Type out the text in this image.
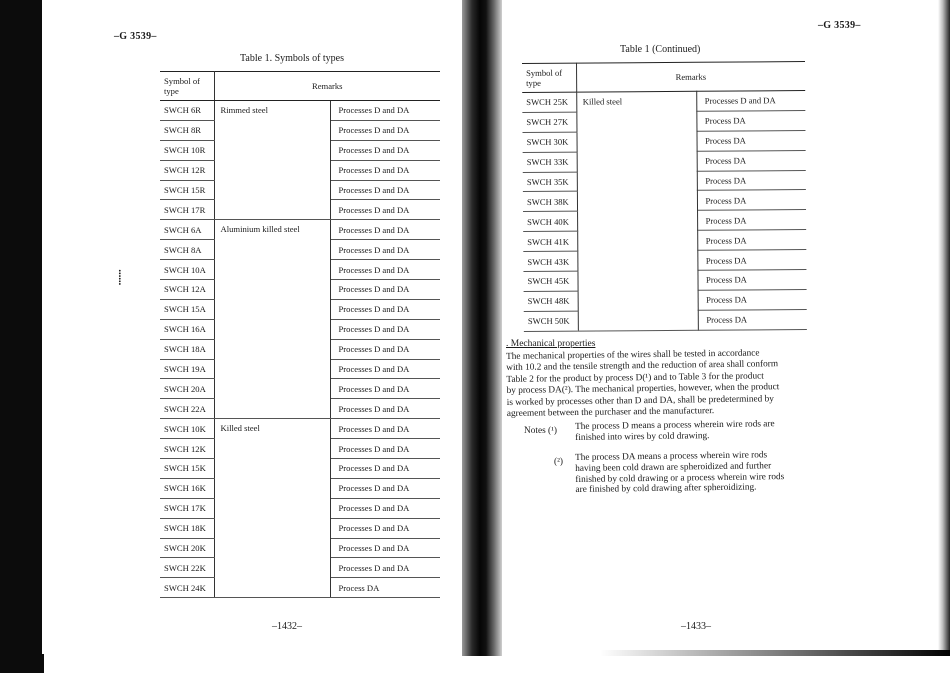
⸽
–G 3539–
Table 1. Symbols of types
Symbol of
type	Remarks	
SWCH 6R	Rimmed steel	Processes D and DA
SWCH 8R		Processes D and DA
SWCH 10R		Processes D and DA
SWCH 12R		Processes D and DA
SWCH 15R		Processes D and DA
SWCH 17R		Processes D and DA
SWCH 6A	Aluminium killed steel	Processes D and DA
SWCH 8A		Processes D and DA
SWCH 10A		Processes D and DA
SWCH 12A		Processes D and DA
SWCH 15A		Processes D and DA
SWCH 16A		Processes D and DA
SWCH 18A		Processes D and DA
SWCH 19A		Processes D and DA
SWCH 20A		Processes D and DA
SWCH 22A		Processes D and DA
SWCH 10K	Killed steel	Processes D and DA
SWCH 12K		Processes D and DA
SWCH 15K		Processes D and DA
SWCH 16K		Processes D and DA
SWCH 17K		Processes D and DA
SWCH 18K		Processes D and DA
SWCH 20K		Processes D and DA
SWCH 22K		Processes D and DA
SWCH 24K		Process DA
–1432–
–G 3539–
Table 1 (Continued)
Symbol of
type	Remarks	
SWCH 25K	Killed steel	Processes D and DA
SWCH 27K		Process DA
SWCH 30K		Process DA
SWCH 33K		Process DA
SWCH 35K		Process DA
SWCH 38K		Process DA
SWCH 40K		Process DA
SWCH 41K		Process DA
SWCH 43K		Process DA
SWCH 45K		Process DA
SWCH 48K		Process DA
SWCH 50K		Process DA
. Mechanical properties
The mechanical properties of the wires shall be tested in accordance
with 10.2 and the tensile strength and the reduction of area shall conform
Table 2 for the product by process D(¹) and to Table 3 for the product
by process DA(²). The mechanical properties, however, when the product
is worked by processes other than D and DA, shall be predetermined by
agreement between the purchaser and the manufacturer.
Notes (¹) The process D means a process wherein wire rods are
finished into wires by cold drawing.
(²) The process DA means a process wherein wire rods
having been cold drawn are spheroidized and further
finished by cold drawing or a process wherein wire rods
are finished by cold drawing after spheroidizing.
–1433–
